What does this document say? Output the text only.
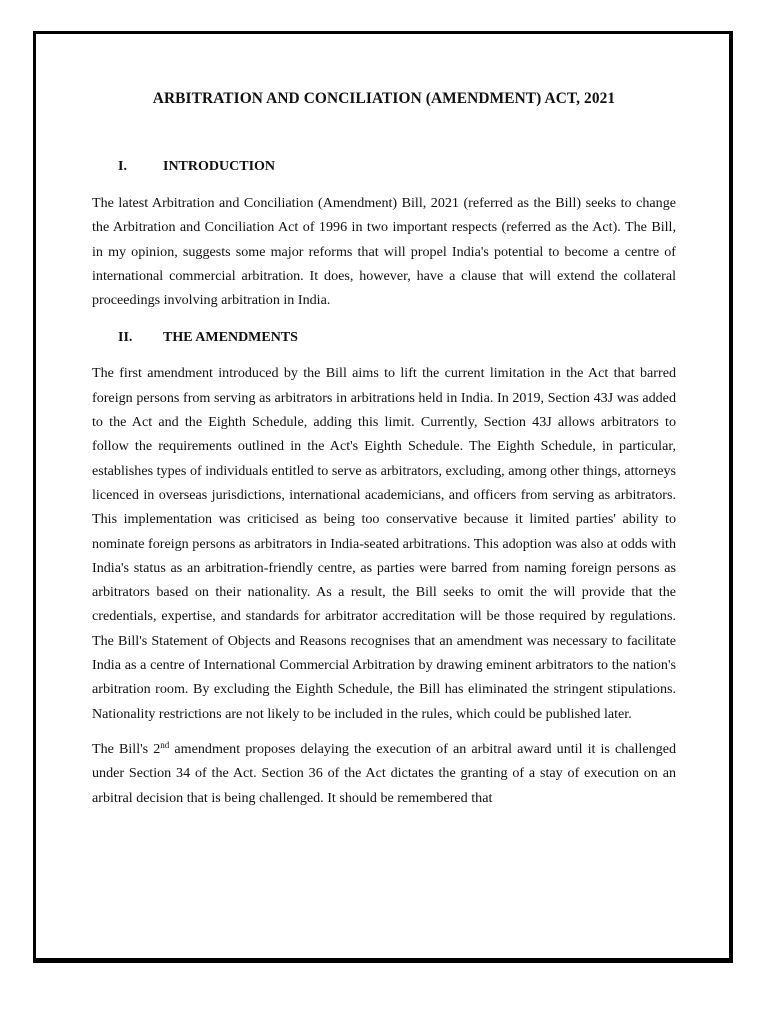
ARBITRATION AND CONCILIATION (AMENDMENT) ACT, 2021
I.	INTRODUCTION

The latest Arbitration and Conciliation (Amendment) Bill, 2021 (referred as the Bill) seeks to change the Arbitration and Conciliation Act of 1996 in two important respects (referred as the Act). The Bill, in my opinion, suggests some major reforms that will propel India's potential to become a centre of international commercial arbitration. It does, however, have a clause that will extend the collateral proceedings involving arbitration in India.

II.	THE AMENDMENTS

The first amendment introduced by the Bill aims to lift the current limitation in the Act that barred foreign persons from serving as arbitrators in arbitrations held in India. In 2019, Section 43J was added to the Act and the Eighth Schedule, adding this limit. Currently, Section 43J allows arbitrators to follow the requirements outlined in the Act's Eighth Schedule. The Eighth Schedule, in particular, establishes types of individuals entitled to serve as arbitrators, excluding, among other things, attorneys licenced in overseas jurisdictions, international academicians, and officers from serving as arbitrators. This implementation was criticised as being too conservative because it limited parties' ability to nominate foreign persons as arbitrators in India-seated arbitrations. This adoption was also at odds with India's status as an arbitration-friendly centre, as parties were barred from naming foreign persons as arbitrators based on their nationality. As a result, the Bill seeks to omit the will provide that the credentials, expertise, and standards for arbitrator accreditation will be those required by regulations. The Bill's Statement of Objects and Reasons recognises that an amendment was necessary to facilitate India as a centre of International Commercial Arbitration by drawing eminent arbitrators to the nation's arbitration room. By excluding the Eighth Schedule, the Bill has eliminated the stringent stipulations. Nationality restrictions are not likely to be included in the rules, which could be published later.

The Bill's 2nd amendment proposes delaying the execution of an arbitral award until it is challenged under Section 34 of the Act. Section 36 of the Act dictates the granting of a stay of execution on an arbitral decision that is being challenged. It should be remembered that
